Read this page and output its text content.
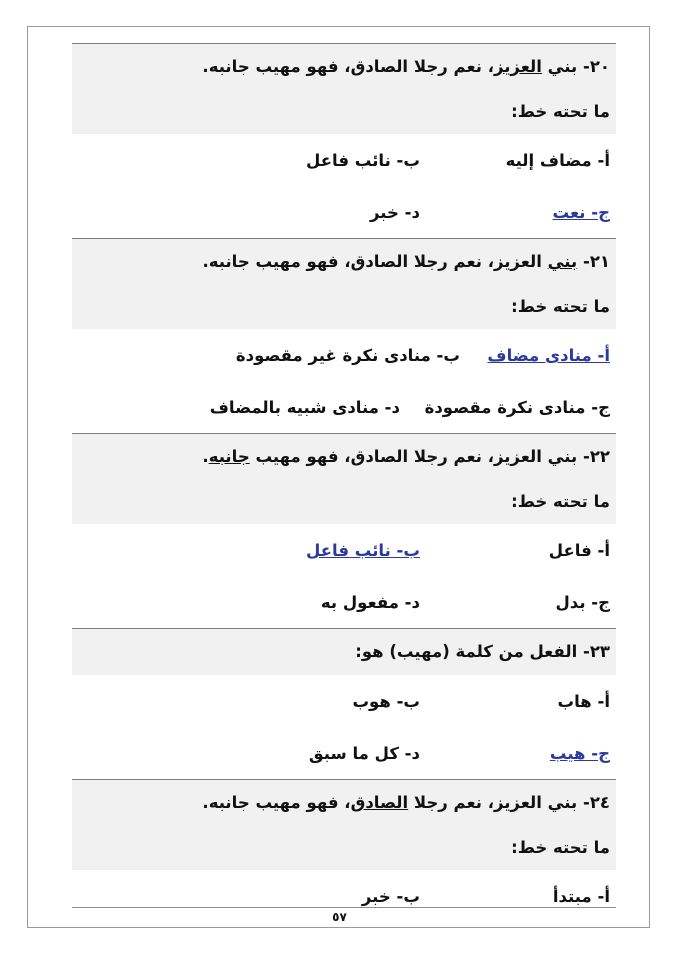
٢٠- بني العزيز، نعم رجلا الصادق، فهو مهيب جانبه.
ما تحته خط:
أ- مضاف إليه
ب- نائب فاعل
ج- نعت
د- خبر
٢١- بني العزيز، نعم رجلا الصادق، فهو مهيب جانبه.
ما تحته خط:
أ- منادى مضاف
ب- منادى نكرة غير مقصودة
ج- منادى نكرة مقصودة
د- منادى شبيه بالمضاف
٢٢- بني العزيز، نعم رجلا الصادق، فهو مهيب جانبه.
ما تحته خط:
أ- فاعل
ب- نائب فاعل
ج- بدل
د- مفعول به
٢٣- الفعل من كلمة (مهيب) هو:
أ- هاب
ب- هوب
ج- هيب
د- كل ما سبق
٢٤- بني العزيز، نعم رجلا الصادق، فهو مهيب جانبه.
ما تحته خط:
أ- مبتدأ
ب- خبر
٥٧
